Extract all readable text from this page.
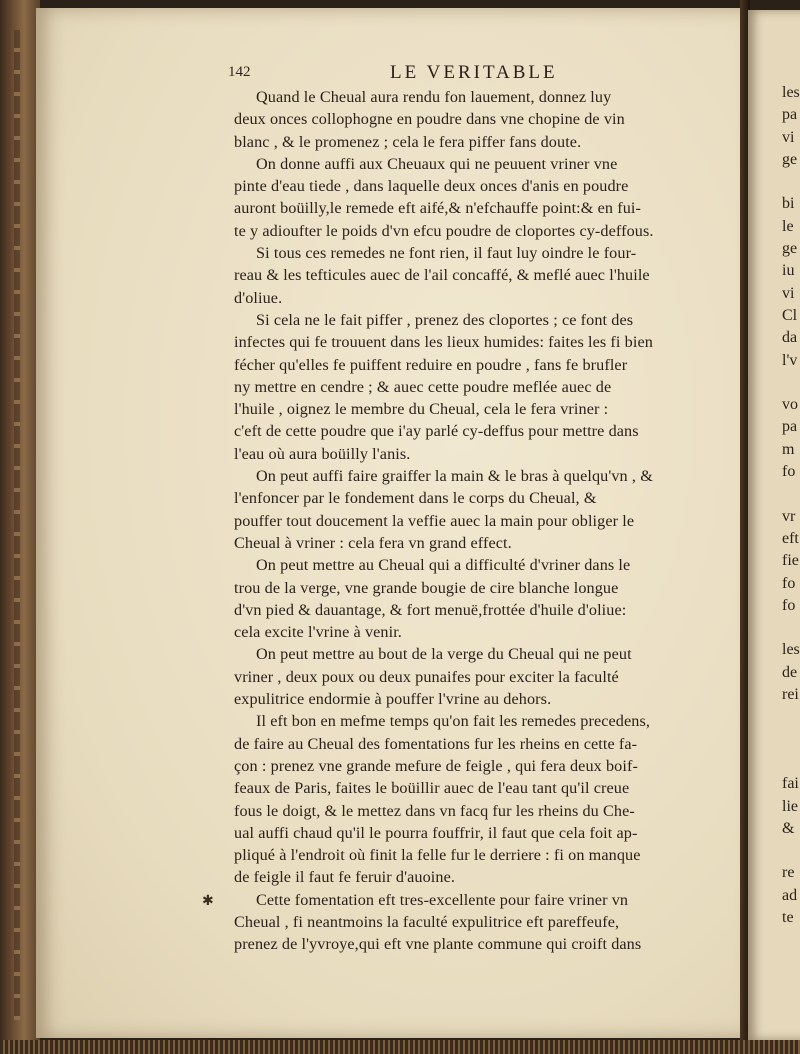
les
pa
vi
ge
bi
le
ge
iu
vi
Cl
da
l'v
vo
pa
m
fo
vr
eft
fie
fo
fo
les
de
rei
fai
lie
&
re
ad
te
142	LE VERITABLE
Quand le Cheual aura rendu fon lauement, donnez luy
deux onces collophogne en poudre dans vne chopine de vin
blanc , & le promenez ; cela le fera piffer fans doute.
On donne auffi aux Cheuaux qui ne peuuent vriner vne
pinte d'eau tiede , dans laquelle deux onces d'anis en poudre
auront boüilly,le remede eft aifé,& n'efchauffe point:& en fui-
te y adioufter le poids d'vn efcu poudre de cloportes cy-deffous.
Si tous ces remedes ne font rien, il faut luy oindre le four-
reau & les tefticules auec de l'ail concaffé, & meflé auec l'huile
d'oliue.
Si cela ne le fait piffer , prenez des cloportes ; ce font des
infectes qui fe trouuent dans les lieux humides: faites les fi bien
fécher qu'elles fe puiffent reduire en poudre , fans fe brufler
ny mettre en cendre ; & auec cette poudre meflée auec de
l'huile , oignez le membre du Cheual, cela le fera vriner :
c'eft de cette poudre que i'ay parlé cy-deffus pour mettre dans
l'eau où aura boüilly l'anis.
On peut auffi faire graiffer la main & le bras à quelqu'vn , &
l'enfoncer par le fondement dans le corps du Cheual, &
pouffer tout doucement la veffie auec la main pour obliger le
Cheual à vriner : cela fera vn grand effect.
On peut mettre au Cheual qui a difficulté d'vriner dans le
trou de la verge, vne grande bougie de cire blanche longue
d'vn pied & dauantage, & fort menuë,frottée d'huile d'oliue:
cela excite l'vrine à venir.
On peut mettre au bout de la verge du Cheual qui ne peut
vriner , deux poux ou deux punaifes pour exciter la faculté
expulitrice endormie à pouffer l'vrine au dehors.
Il eft bon en mefme temps qu'on fait les remedes precedens,
de faire au Cheual des fomentations fur les rheins en cette fa-
çon : prenez vne grande mefure de feigle , qui fera deux boif-
feaux de Paris, faites le boüillir auec de l'eau tant qu'il creue
fous le doigt, & le mettez dans vn facq fur les rheins du Che-
ual auffi chaud qu'il le pourra fouffrir, il faut que cela foit ap-
pliqué à l'endroit où finit la felle fur le derriere : fi on manque
de feigle il faut fe feruir d'auoine.
Cette fomentation eft tres-excellente pour faire vriner vn
Cheual , fi neantmoins la faculté expulitrice eft pareffeufe,
prenez de l'yvroye,qui eft vne plante commune qui croift dans
✱
